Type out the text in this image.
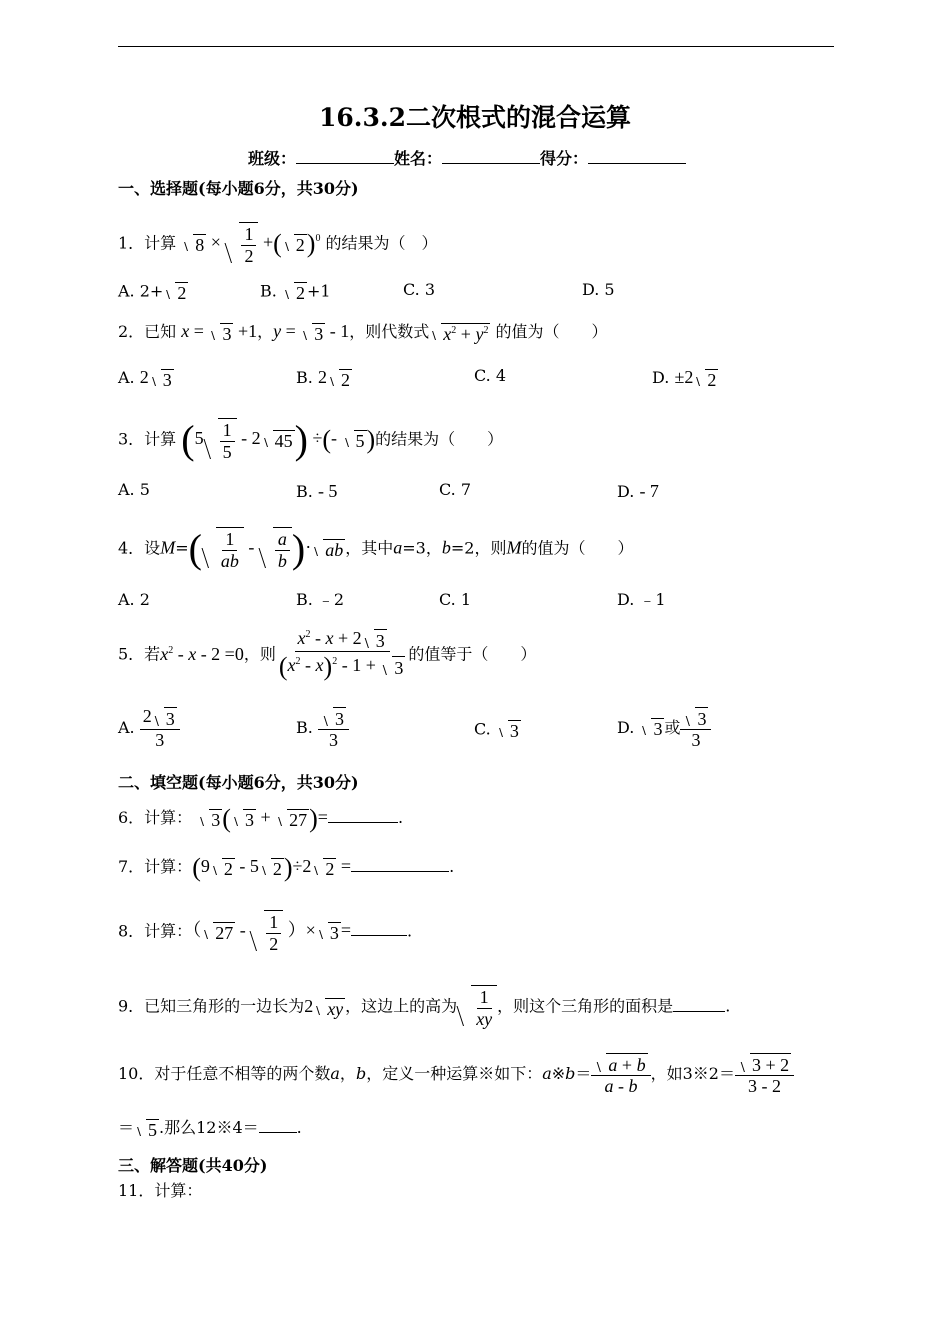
16.3.2二次根式的混合运算
班级：	姓名：	得分：
一、选择题(每小题6分，共30分)
1．计算 $8 \times \frac{1}{2}$ +( 2)$^0$ 的结果为（　）
A. 2+ 2	B. 2 +1	C. 3	D. 5
2．已知 x = 3 +1，y = 3 - 1，则代数式 $x^2 + y^2$ 的值为（　　）
A. 2 3	B. 2 2	C. 4	D. ±2 2
3．计算 ($5 \frac{1}{5} - 2$ 45) ÷(- 5)的结果为（　　）
A. 5	B. - 5	C. 7	D. - 7
4．设$M=( \frac{1}{ab} - \frac{a}{b}$ )· ab ，其中a=3，b=2，则M的值为（　　）
A. 2	B. ﹣2	C. 1	D. ﹣1
5．若$x^2 - x - 2 =0$，则 $\frac{x^2 - x + 2 3}{(x^2 - x)^2 - 1 + 3}$ 的值等于（　　）
A. $\frac{2 3}{3}$	B. $\frac{3}{3}$	C. 3	D. 3 或 $\frac{3}{3}$
二、填空题(每小题6分，共30分)
6．计算： 3( 3 + 27)=	.
7．计算：(9 2 - 5 2)÷2 2 =	.
8．计算：（ $27 - \frac{1}{2}$ ）× 3 =	.
9．已知三角形的一边长为2 xy ，这边上的高为 $\frac{1}{xy}$ ，则这个三角形的面积是	.
10．对于任意不相等的两个数a，b，定义一种运算※如下：a※b＝ $\frac{a + b}{a - b}$ ，如3※2＝ $\frac{3 + 2}{3 - 2}$
＝ 5 .那么12※4＝ .
三、解答题(共40分)
11．计算：
